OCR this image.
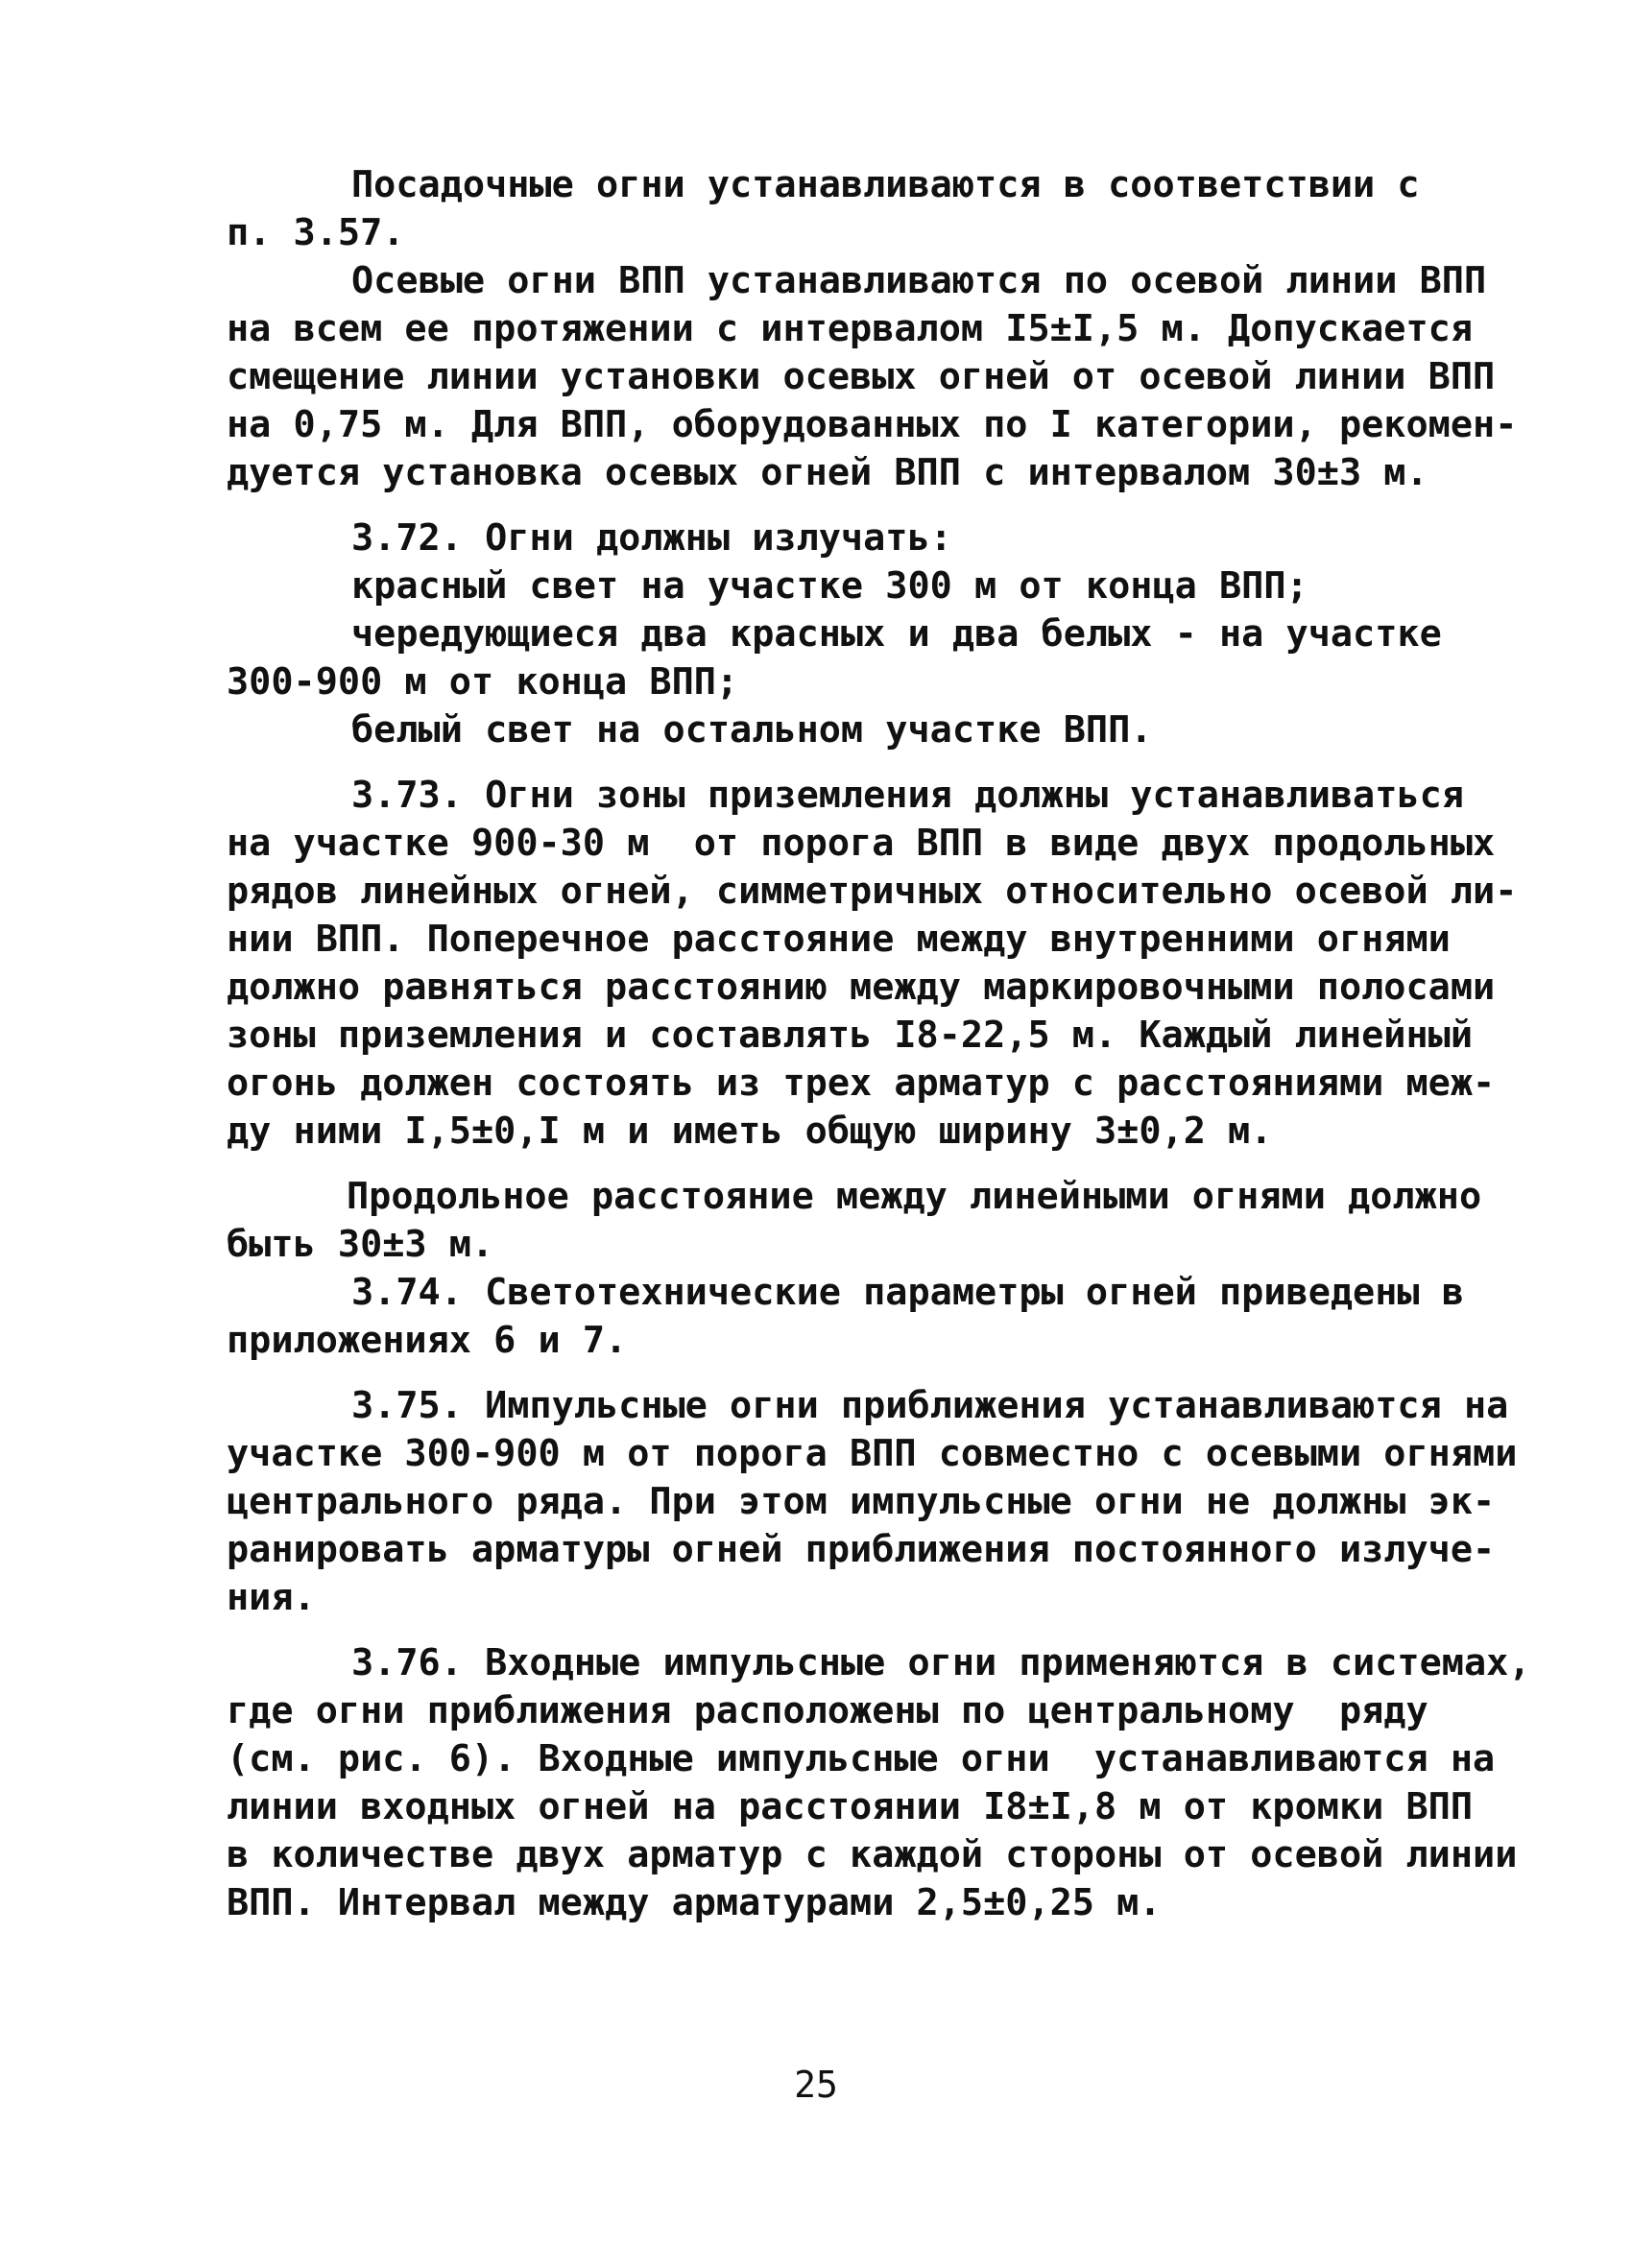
Посадочные огни устанавливаются в соответствии с
п. 3.57.
Осевые огни ВПП устанавливаются по осевой линии ВПП
на всем ее протяжении с интервалом I5±I,5 м. Допускается
смещение линии установки осевых огней от осевой линии ВПП
на 0,75 м. Для ВПП, оборудованных по I категории, рекомен-
дуется установка осевых огней ВПП с интервалом 30±3 м.
3.72. Огни должны излучать:
красный свет на участке 300 м от конца ВПП;
чередующиеся два красных и два белых - на участке
300-900 м от конца ВПП;
белый свет на остальном участке ВПП.
3.73. Огни зоны приземления должны устанавливаться
на участке 900-30 м  от порога ВПП в виде двух продольных
рядов линейных огней, симметричных относительно осевой ли-
нии ВПП. Поперечное расстояние между внутренними огнями
должно равняться расстоянию между маркировочными полосами
зоны приземления и составлять I8-22,5 м. Каждый линейный
огонь должен состоять из трех арматур с расстояниями меж-
ду ними I,5±0,I м и иметь общую ширину 3±0,2 м.
Продольное расстояние между линейными огнями должно
быть 30±3 м.
3.74. Светотехнические параметры огней приведены в
приложениях 6 и 7.
3.75. Импульсные огни приближения устанавливаются на
участке 300-900 м от порога ВПП совместно с осевыми огнями
центрального ряда. При этом импульсные огни не должны эк-
ранировать арматуры огней приближения постоянного излуче-
ния.
3.76. Входные импульсные огни применяются в системах,
где огни приближения расположены по центральному  ряду
(см. рис. 6). Входные импульсные огни  устанавливаются на
линии входных огней на расстоянии I8±I,8 м от кромки ВПП
в количестве двух арматур с каждой стороны от осевой линии
ВПП. Интервал между арматурами 2,5±0,25 м.
25
